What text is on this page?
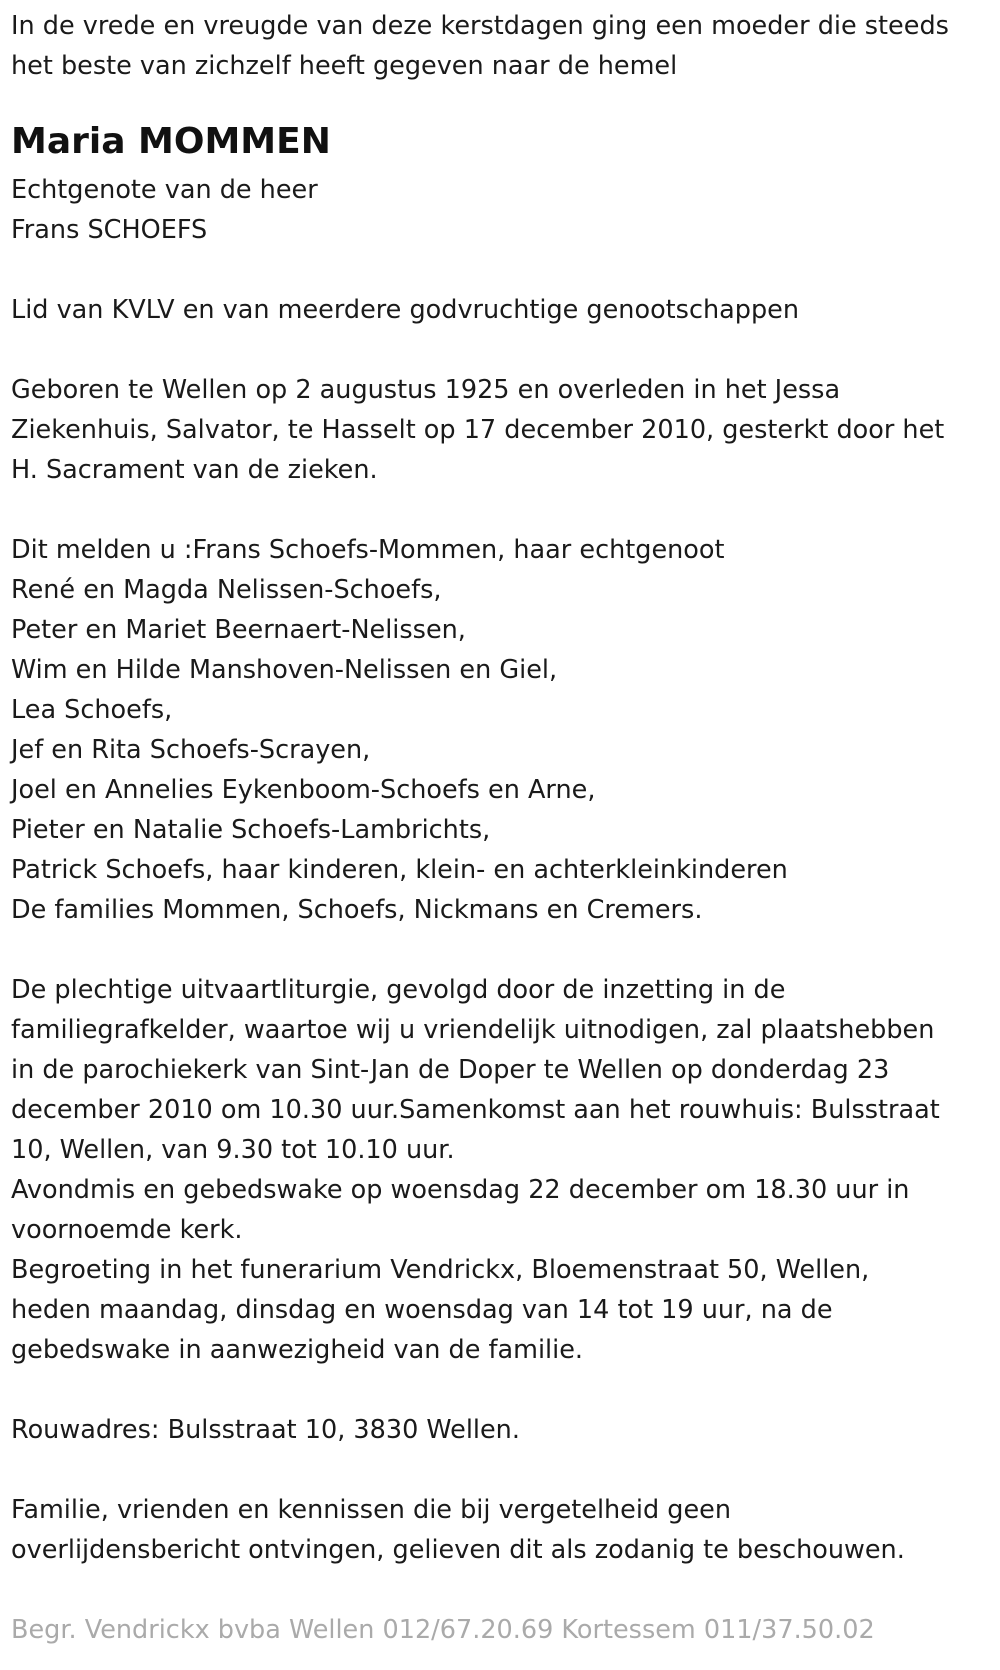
In de vrede en vreugde van deze kerstdagen ging een moeder die steeds
het beste van zichzelf heeft gegeven naar de hemel
Maria MOMMEN
Echtgenote van de heer
Frans SCHOEFS
Lid van KVLV en van meerdere godvruchtige genootschappen
Geboren te Wellen op 2 augustus 1925 en overleden in het Jessa
Ziekenhuis, Salvator, te Hasselt op 17 december 2010, gesterkt door het
H. Sacrament van de zieken.
Dit melden u :Frans Schoefs-Mommen, haar echtgenoot
René en Magda Nelissen-Schoefs,
Peter en Mariet Beernaert-Nelissen,
Wim en Hilde Manshoven-Nelissen en Giel,
Lea Schoefs,
Jef en Rita Schoefs-Scrayen,
Joel en Annelies Eykenboom-Schoefs en Arne,
Pieter en Natalie Schoefs-Lambrichts,
Patrick Schoefs, haar kinderen, klein- en achterkleinkinderen
De families Mommen, Schoefs, Nickmans en Cremers.
De plechtige uitvaartliturgie, gevolgd door de inzetting in de
familiegrafkelder, waartoe wij u vriendelijk uitnodigen, zal plaatshebben
in de parochiekerk van Sint-Jan de Doper te Wellen op donderdag 23
december 2010 om 10.30 uur.Samenkomst aan het rouwhuis: Bulsstraat
10, Wellen, van 9.30 tot 10.10 uur.
Avondmis en gebedswake op woensdag 22 december om 18.30 uur in
voornoemde kerk.
Begroeting in het funerarium Vendrickx, Bloemenstraat 50, Wellen,
heden maandag, dinsdag en woensdag van 14 tot 19 uur, na de
gebedswake in aanwezigheid van de familie.
Rouwadres: Bulsstraat 10, 3830 Wellen.
Familie, vrienden en kennissen die bij vergetelheid geen
overlijdensbericht ontvingen, gelieven dit als zodanig te beschouwen.
Begr. Vendrickx bvba Wellen 012/67.20.69 Kortessem 011/37.50.02
